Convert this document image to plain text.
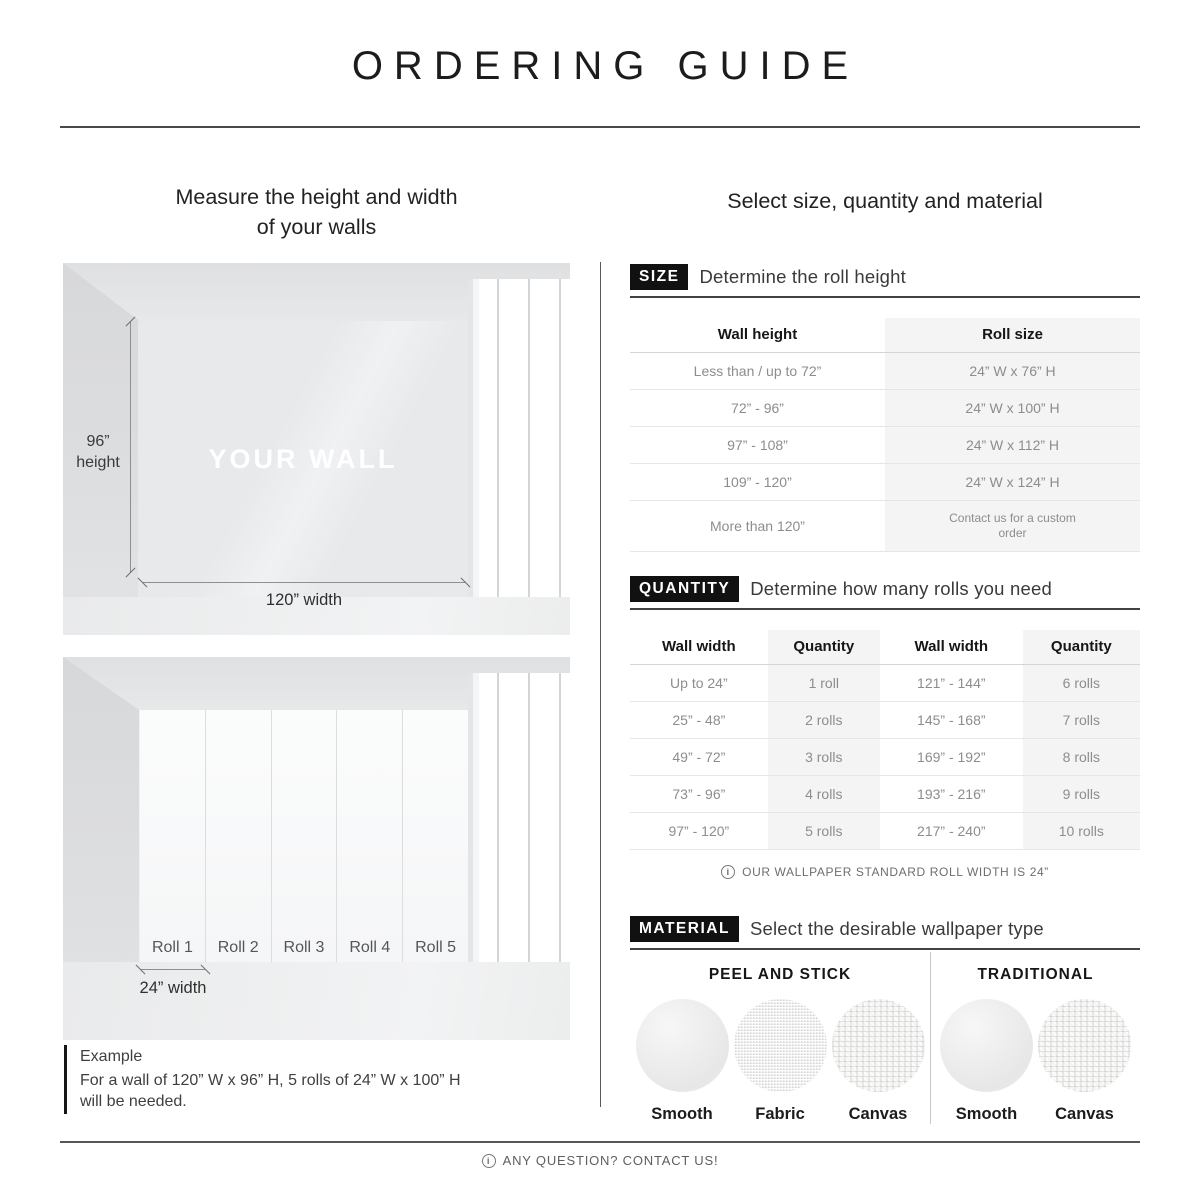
ORDERING GUIDE
Measure the height and width
of your walls
Select size, quantity and material
YOUR WALL
96”
height
120” width
Roll 1	Roll 2	Roll 3	Roll 4	Roll 5
24” width
Example
For a wall of 120” W x 96” H, 5 rolls of 24” W x 100” H
will be needed.
SIZE	Determine the roll height
Wall height	Roll size
Less than / up to 72”	24” W x 76” H
72” - 96”	24” W x 100” H
97” - 108”	24” W x 112” H
109” - 120”	24” W x 124” H
More than 120”	Contact us for a custom order
QUANTITY	Determine how many rolls you need
Wall width	Quantity	Wall width	Quantity
Up to 24”	1 roll	121” - 144”	6 rolls
25” - 48”	2 rolls	145” - 168”	7 rolls
49” - 72”	3 rolls	169” - 192”	8 rolls
73” - 96”	4 rolls	193” - 216”	9 rolls
97” - 120”	5 rolls	217” - 240”	10 rolls
i
OUR WALLPAPER STANDARD ROLL WIDTH IS 24”
MATERIAL	Select the desirable wallpaper type
PEEL AND STICK
Smooth	Fabric	Canvas
TRADITIONAL
Smooth	Canvas
i
ANY QUESTION? CONTACT US!
